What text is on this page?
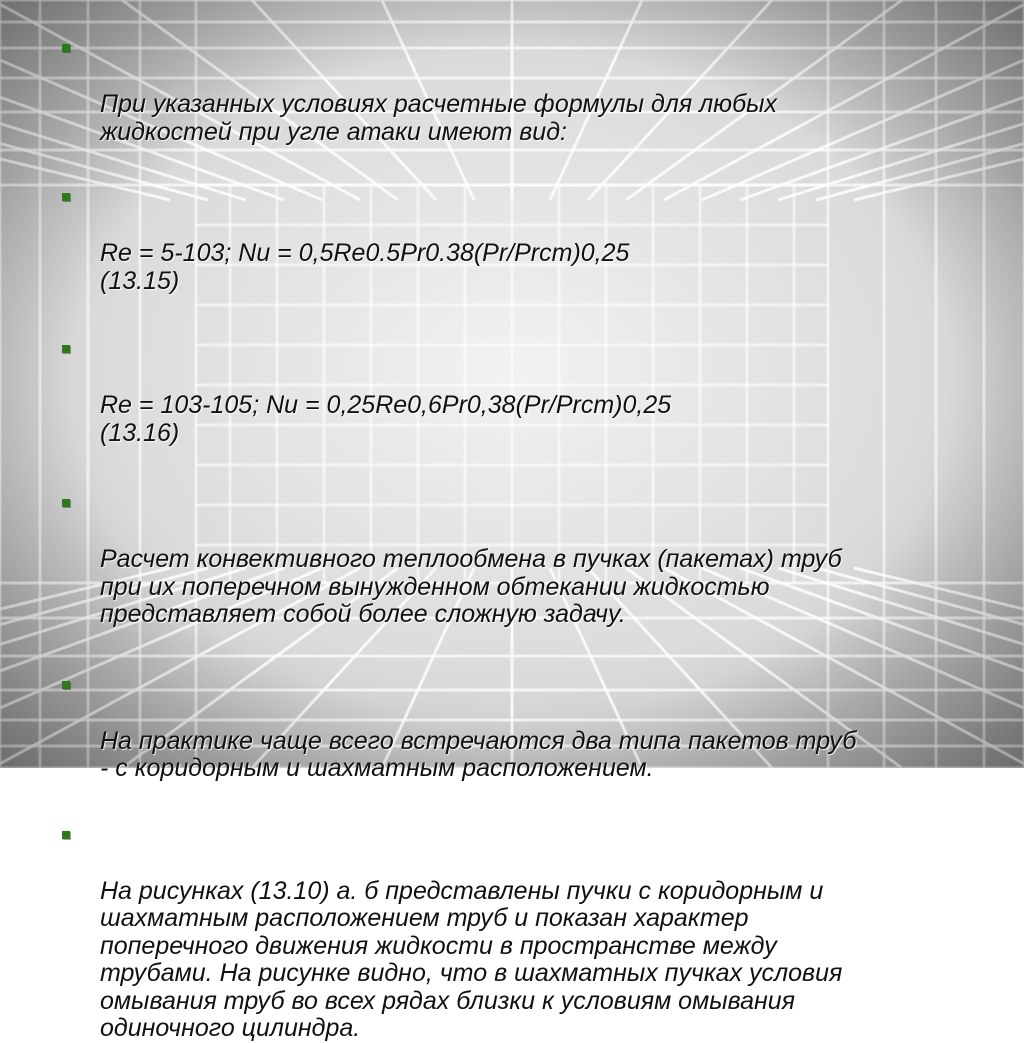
При указанных условиях расчетные формулы для любых
жидкостей при угле атаки имеют вид:

Re = 5-103; Nu = 0,5Re0.5Pr0.38(Pr/Prст)0,25
(13.15)

Re = 103-105; Nu = 0,25Re0,6Pr0,38(Pr/Prст)0,25
(13.16)

Расчет конвективного теплообмена в пучках (пакетах) труб
при их поперечном вынужденном обтекании жидкостью
представляет собой более сложную задачу.

На практике чаще всего встречаются два типа пакетов труб
- с коридорным и шахматным расположением.

На рисунках (13.10) а. б представлены пучки с коридорным и
шахматным расположением труб и показан характер
поперечного движения жидкости в пространстве между
трубами. На рисунке видно, что в шахматных пучках условия
омывания труб во всех рядах близки к условиям омывания
одиночного цилиндра.
